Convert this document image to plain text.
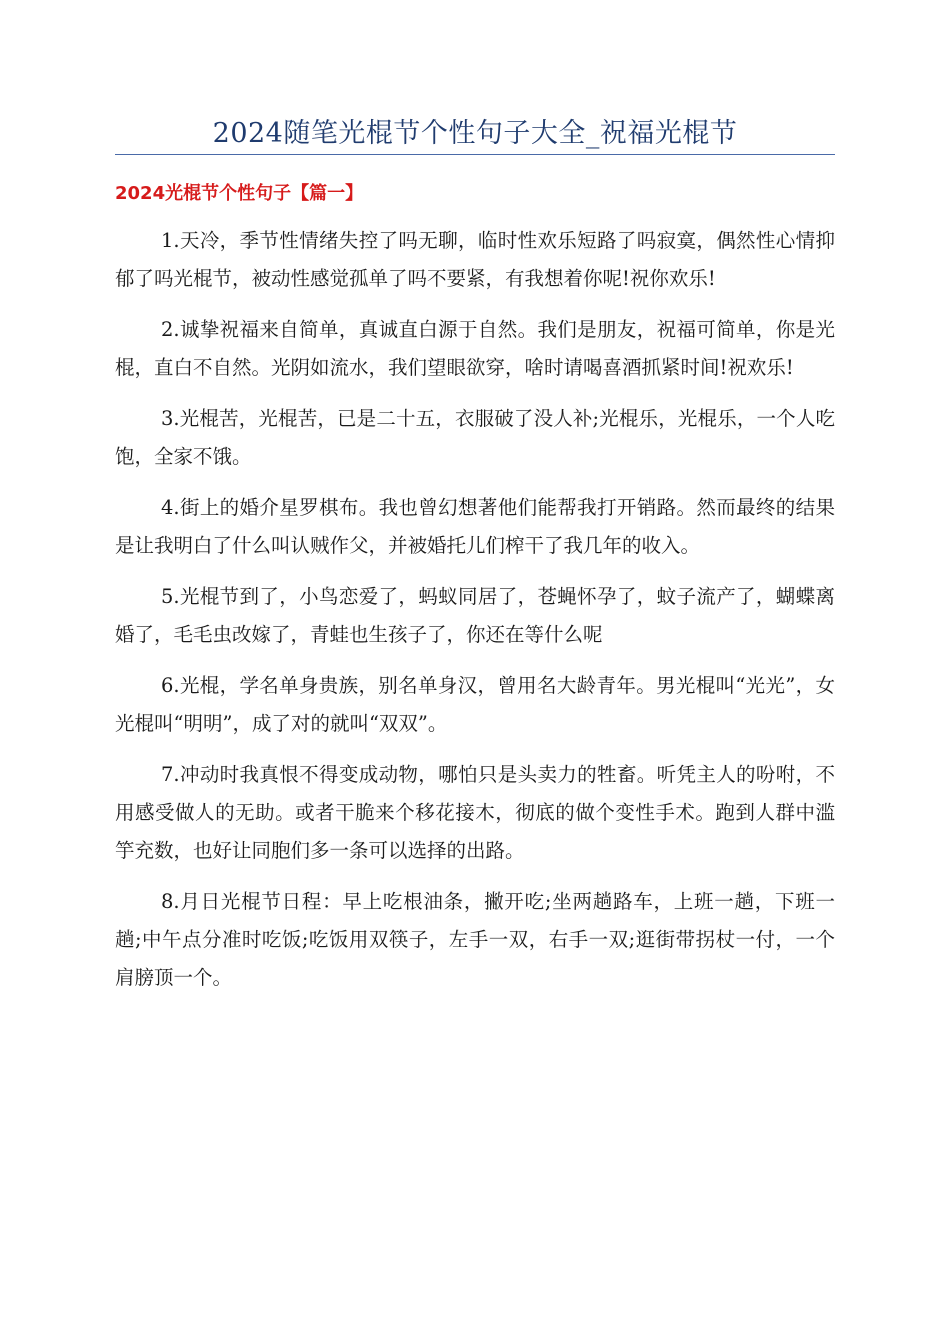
2024随笔光棍节个性句子大全_祝福光棍节
2024光棍节个性句子【篇一】

1.天冷，季节性情绪失控了吗无聊，临时性欢乐短路了吗寂寞，偶然性心情抑郁了吗光棍节，被动性感觉孤单了吗不要紧，有我想着你呢!祝你欢乐!

2.诚挚祝福来自简单，真诚直白源于自然。我们是朋友，祝福可简单，你是光棍，直白不自然。光阴如流水，我们望眼欲穿，啥时请喝喜酒抓紧时间!祝欢乐!

3.光棍苦，光棍苦，已是二十五，衣服破了没人补;光棍乐，光棍乐，一个人吃饱，全家不饿。

4.街上的婚介星罗棋布。我也曾幻想著他们能帮我打开销路。然而最终的结果是让我明白了什么叫认贼作父，并被婚托儿们榨干了我几年的收入。

5.光棍节到了，小鸟恋爱了，蚂蚁同居了，苍蝇怀孕了，蚊子流产了，蝴蝶离婚了，毛毛虫改嫁了，青蛙也生孩子了，你还在等什么呢

6.光棍，学名单身贵族，别名单身汉，曾用名大龄青年。男光棍叫“光光”，女光棍叫“明明”，成了对的就叫“双双”。

7.冲动时我真恨不得变成动物，哪怕只是头卖力的牲畜。听凭主人的吩咐，不用感受做人的无助。或者干脆来个移花接木，彻底的做个变性手术。跑到人群中滥竽充数，也好让同胞们多一条可以选择的出路。

8.月日光棍节日程：早上吃根油条，撇开吃;坐两趟路车，上班一趟，下班一趟;中午点分准时吃饭;吃饭用双筷子，左手一双，右手一双;逛街带拐杖一付，一个肩膀顶一个。
